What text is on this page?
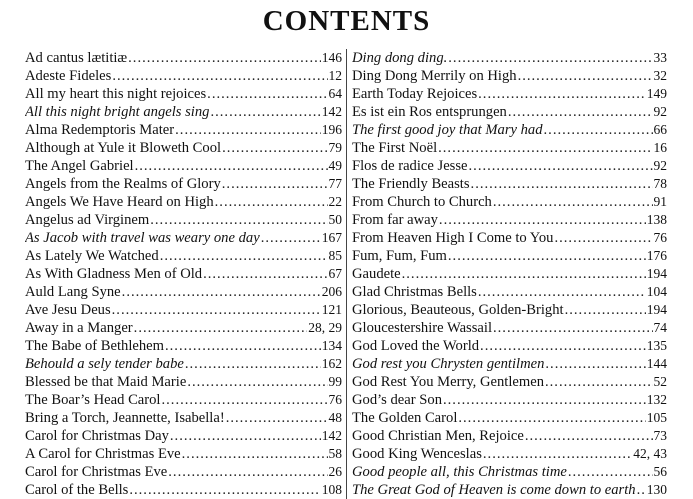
CONTENTS
Ad cantus lætitiæ .....	146
Adeste Fideles .....	12
All my heart this night rejoices .....	64
All this night bright angels sing .....	142
Alma Redemptoris Mater .....	196
Although at Yule it Bloweth Cool .....	79
The Angel Gabriel .....	49
Angels from the Realms of Glory .....	77
Angels We Have Heard on High .....	22
Angelus ad Virginem .....	50
As Jacob with travel was weary one day .....	167
As Lately We Watched .....	85
As With Gladness Men of Old .....	67
Auld Lang Syne .....	206
Ave Jesu Deus .....	121
Away in a Manger .....	28, 29
The Babe of Bethlehem .....	134
Behould a sely tender babe .....	162
Blessed be that Maid Marie .....	99
The Boar’s Head Carol .....	76
Bring a Torch, Jeannette, Isabella! .....	48
Carol for Christmas Day .....	142
A Carol for Christmas Eve .....	58
Carol for Christmas Eve .....	26
Carol of the Bells .....	108
Ding dong ding. .....	33
Ding Dong Merrily on High .....	32
Earth Today Rejoices .....	149
Es ist ein Ros entsprungen .....	92
The first good joy that Mary had .....	66
The First Noël .....	16
Flos de radice Jesse .....	92
The Friendly Beasts .....	78
From Church to Church .....	91
From far away .....	138
From Heaven High I Come to You .....	76
Fum, Fum, Fum .....	176
Gaudete .....	194
Glad Christmas Bells .....	104
Glorious, Beauteous, Golden-Bright .....	194
Gloucestershire Wassail .....	74
God Loved the World .....	135
God rest you Chrysten gentilmen .....	144
God Rest You Merry, Gentlemen .....	52
God’s dear Son .....	132
The Golden Carol .....	105
Good Christian Men, Rejoice .....	73
Good King Wenceslas .....	42, 43
Good people all, this Christmas time .....	56
The Great God of Heaven is come down to earth ..... 130
